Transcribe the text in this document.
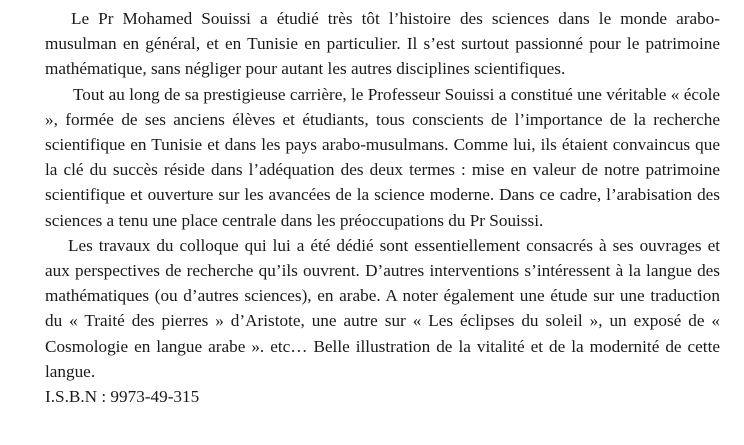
Le Pr Mohamed Souissi a étudié très tôt l’histoire des sciences dans le monde arabo-musulman en général, et en Tunisie en particulier. Il s’est surtout passionné pour le patrimoine mathématique, sans négliger pour autant les autres disciplines scientifiques.

Tout au long de sa prestigieuse carrière, le Professeur Souissi a constitué une véritable « école », formée de ses anciens élèves et étudiants, tous conscients de l’importance de la recherche scientifique en Tunisie et dans les pays arabo-musulmans. Comme lui, ils étaient convaincus que la clé du succès réside dans l’adéquation des deux termes : mise en valeur de notre patrimoine scientifique et ouverture sur les avancées de la science moderne. Dans ce cadre, l’arabisation des sciences a tenu une place centrale dans les préoccupations du Pr Souissi.

Les travaux du colloque qui lui a été dédié sont essentiellement consacrés à ses ouvrages et aux perspectives de recherche qu’ils ouvrent. D’autres interventions s’intéressent à la langue des mathématiques (ou d’autres sciences), en arabe. A noter également une étude sur une traduction du « Traité des pierres » d’Aristote, une autre sur « Les éclipses du soleil », un exposé de « Cosmologie en langue arabe ». etc… Belle illustration de la vitalité et de la modernité de cette langue.

I.S.B.N : 9973-49-315
